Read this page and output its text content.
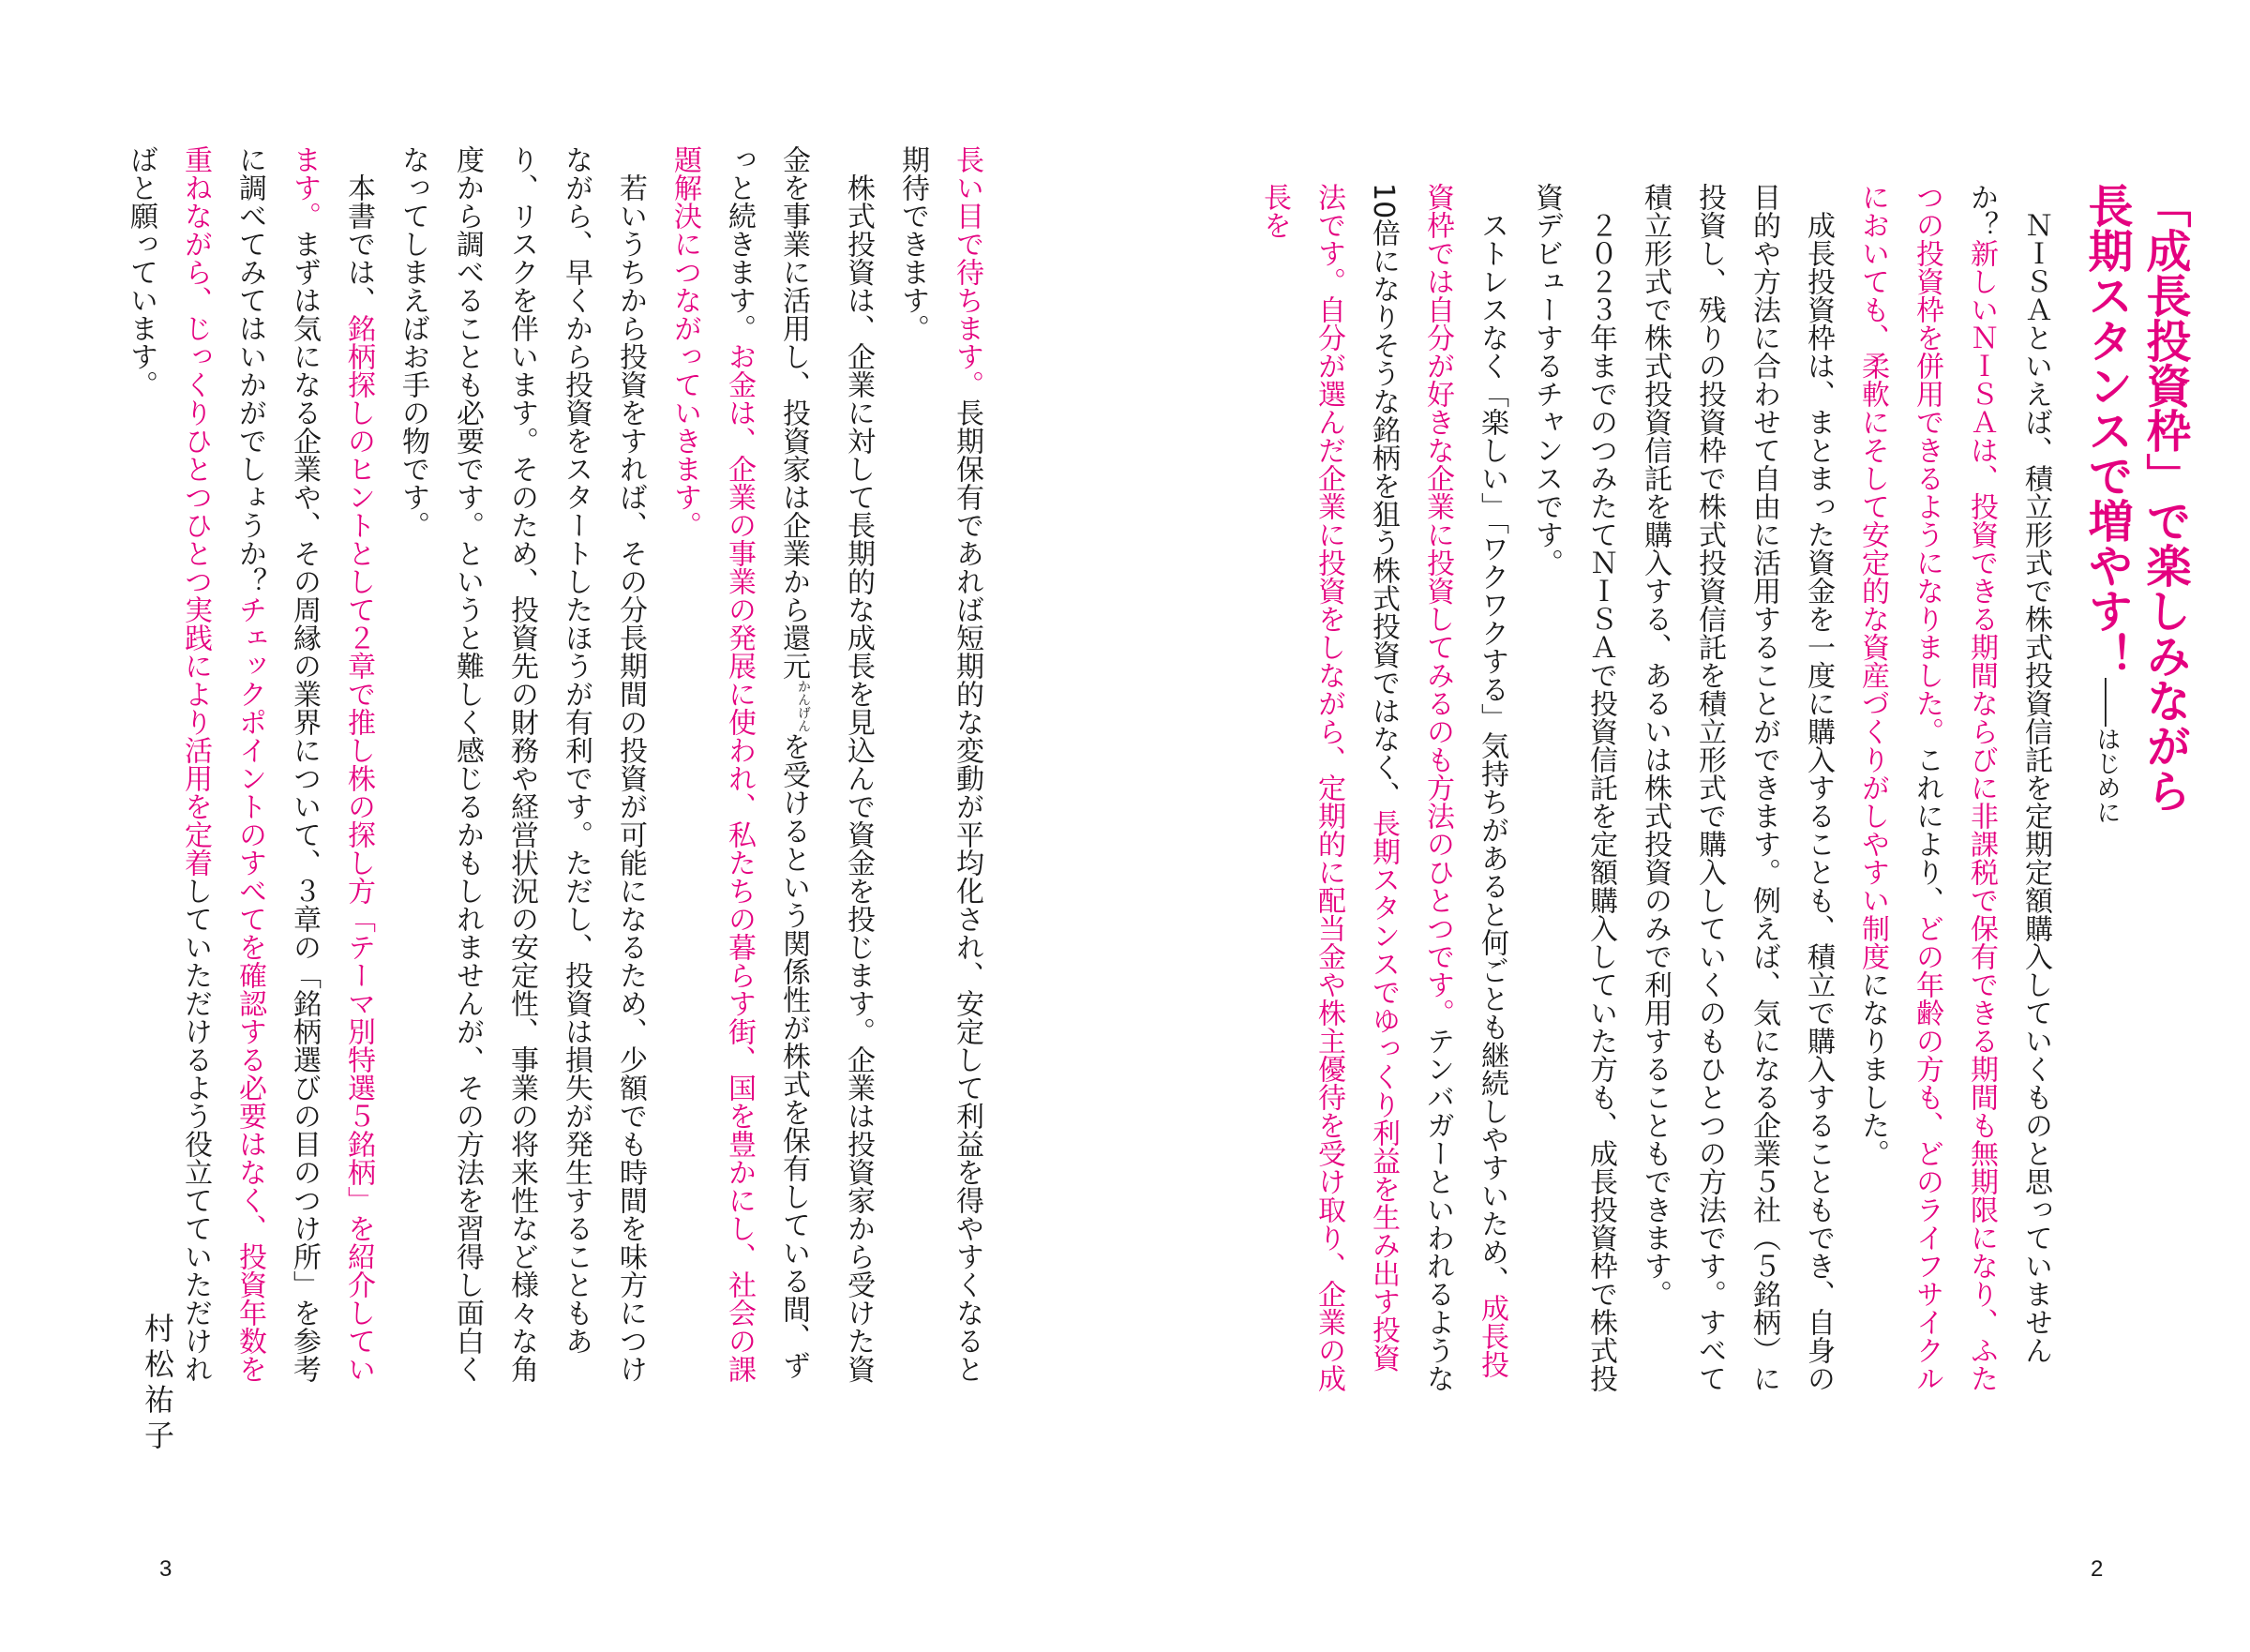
「成長投資枠」で楽しみながら
長期スタンスで増やす！――はじめに

ＮＩＳＡといえば、積立形式で株式投資信託を定期定額購入していくものと思っていませんか？新しいＮＩＳＡは、投資できる期間ならびに非課税で保有できる期間も無期限になり、ふたつの投資枠を併用できるようになりました。これにより、どの年齢の方も、どのライフサイクルにおいても、柔軟にそして安定的な資産づくりがしやすい制度になりました。

成長投資枠は、まとまった資金を一度に購入することも、積立で購入することもでき、自身の目的や方法に合わせて自由に活用することができます。例えば、気になる企業５社（５銘柄）に投資し、残りの投資枠で株式投資信託を積立形式で購入していくのもひとつの方法です。すべて積立形式で株式投資信託を購入する、あるいは株式投資のみで利用することもできます。

２０２３年までのつみたてＮＩＳＡで投資信託を定額購入していた方も、成長投資枠で株式投資デビューするチャンスです。

ストレスなく「楽しい」「ワクワクする」気持ちがあると何ごとも継続しやすいため、成長投資枠では自分が好きな企業に投資してみるのも方法のひとつです。テンバガーといわれるような10倍になりそうな銘柄を狙う株式投資ではなく、長期スタンスでゆっくり利益を生み出す投資法です。自分が選んだ企業に投資をしながら、定期的に配当金や株主優待を受け取り、企業の成長を

2

長い目で待ちます。長期保有であれば短期的な変動が平均化され、安定して利益を得やすくなると期待できます。

株式投資は、企業に対して長期的な成長を見込んで資金を投じます。企業は投資家から受けた資金を事業に活用し、投資家は企業から還元$^{かんげん}$を受けるという関係性が株式を保有している間、ずっと続きます。お金は、企業の事業の発展に使われ、私たちの暮らす街、国を豊かにし、社会の課題解決につながっていきます。

若いうちから投資をすれば、その分長期間の投資が可能になるため、少額でも時間を味方につけながら、早くから投資をスタートしたほうが有利です。ただし、投資は損失が発生することもあり、リスクを伴います。そのため、投資先の財務や経営状況の安定性、事業の将来性など様々な角度から調べることも必要です。というと難しく感じるかもしれませんが、その方法を習得し面白くなってしまえばお手の物です。

本書では、銘柄探しのヒントとして２章で推し株の探し方「テーマ別特選５銘柄」を紹介しています。まずは気になる企業や、その周縁の業界について、３章の「銘柄選びの目のつけ所」を参考に調べてみてはいかがでしょうか？チェックポイントのすべてを確認する必要はなく、投資年数を重ねながら、じっくりひとつひとつ実践により活用を定着していただけるよう役立てていただければと願っています。

村松祐子
3
